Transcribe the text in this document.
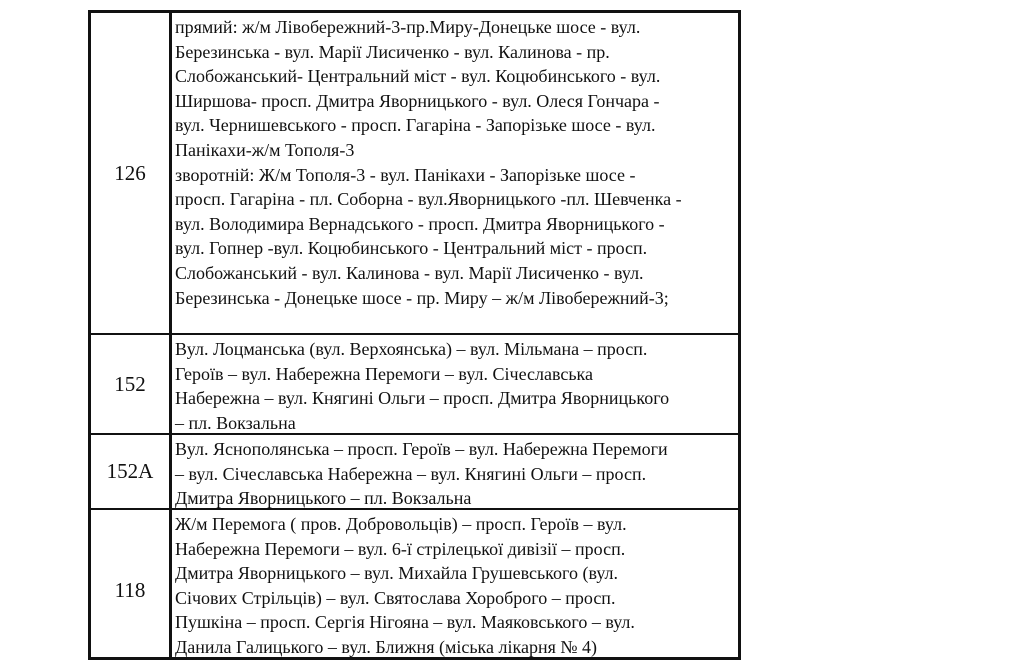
126
прямий: ж/м Лівобережний-3-пр.Миру-Донецьке шосе - вул.
Березинська - вул. Марії Лисиченко - вул. Калинова - пр.
Слобожанський- Центральний міст - вул. Коцюбинського - вул.
Ширшова- просп. Дмитра Яворницького - вул. Олеся Гончара -
вул. Чернишевського - просп. Гагаріна - Запорізьке шосе - вул.
Панікахи-ж/м Тополя-3
зворотній: Ж/м Тополя-3 - вул. Панікахи - Запорізьке шосе -
просп. Гагаріна - пл. Соборна - вул.Яворницького -пл. Шевченка -
вул. Володимира Вернадського - просп. Дмитра Яворницького -
вул. Гопнер -вул. Коцюбинського - Центральний міст - просп.
Слобожанський - вул. Калинова - вул. Марії Лисиченко - вул.
Березинська - Донецьке шосе - пр. Миру – ж/м Лівобережний-3;
152
Вул. Лоцманська (вул. Верхоянська) – вул. Мільмана – просп.
Героїв – вул. Набережна Перемоги – вул. Січеславська
Набережна – вул. Княгині Ольги – просп. Дмитра Яворницького
– пл. Вокзальна
152А
Вул. Яснополянська – просп. Героїв – вул. Набережна Перемоги
– вул. Січеславська Набережна – вул. Княгині Ольги – просп.
Дмитра Яворницького – пл. Вокзальна
118
Ж/м Перемога ( пров. Добровольців) – просп. Героїв – вул.
Набережна Перемоги – вул. 6-ї стрілецької дивізії – просп.
Дмитра Яворницького – вул. Михайла Грушевського (вул.
Січових Стрільців) – вул. Святослава Хороброго – просп.
Пушкіна – просп. Сергія Нігояна – вул. Маяковського – вул.
Данила Галицького – вул. Ближня (міська лікарня № 4)
